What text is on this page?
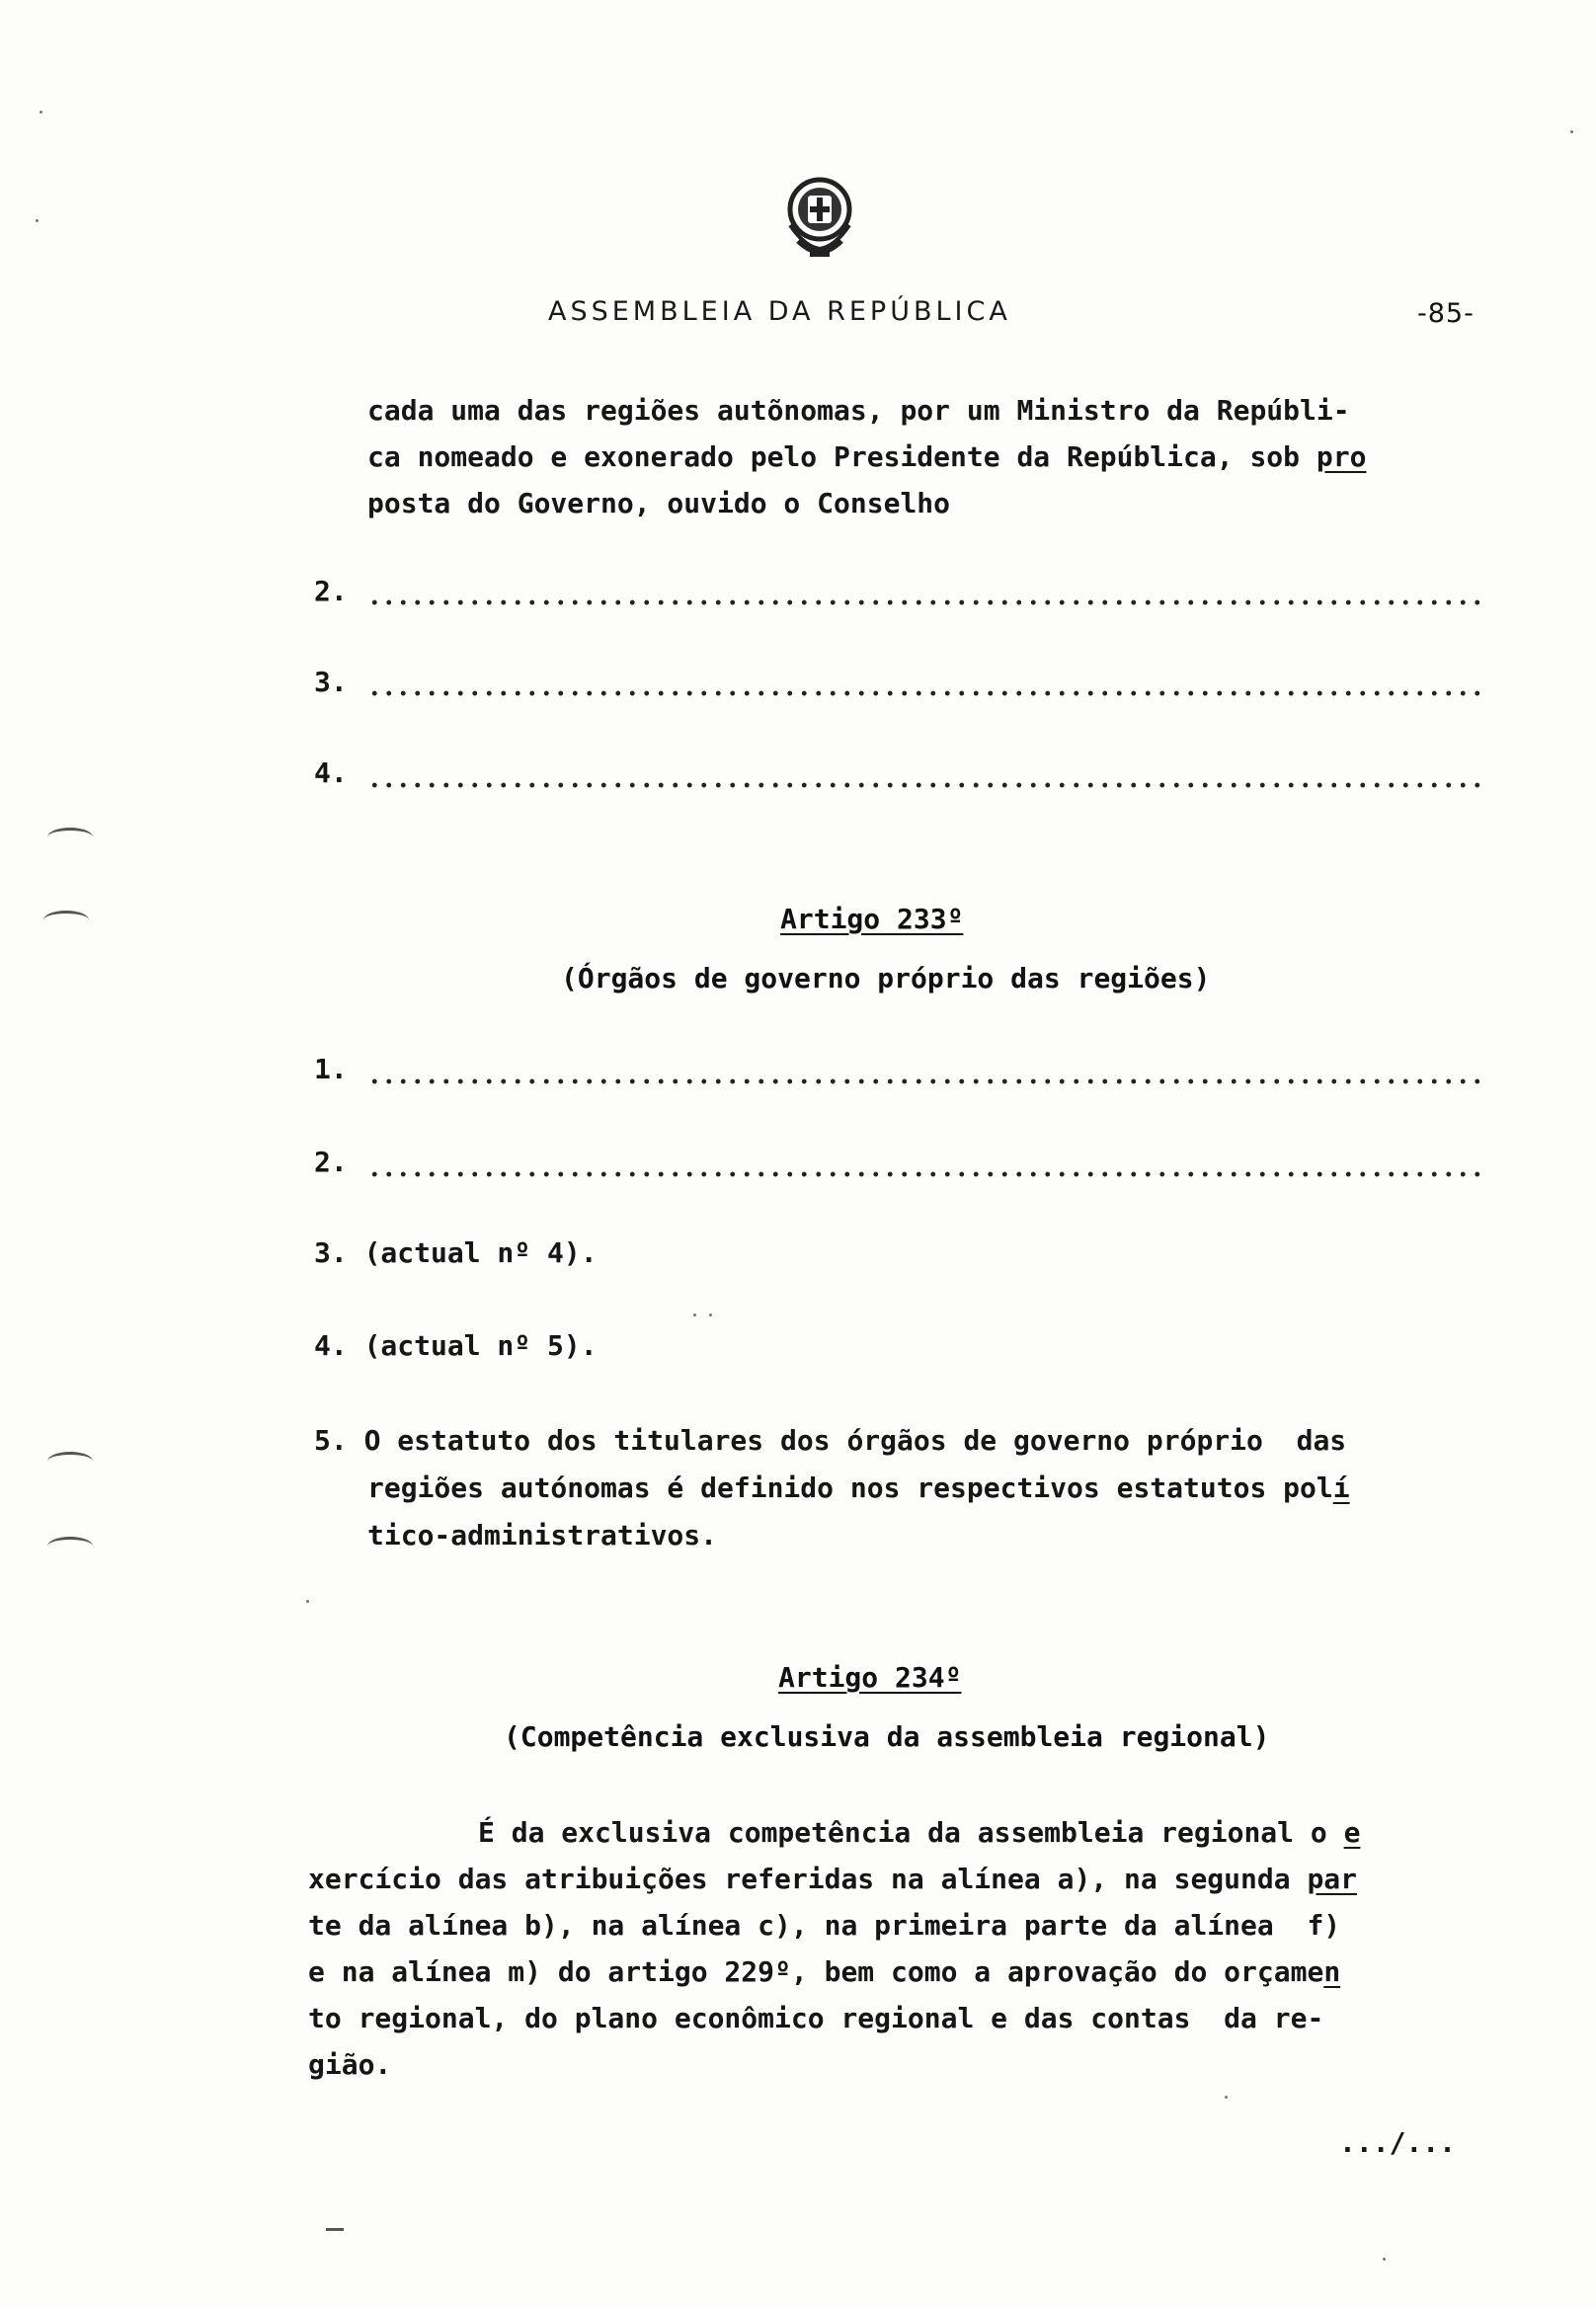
ASSEMBLEIA DA REPÚBLICA	-85-
cada uma das regiões autõnomas, por um Ministro da Repúbli-
ca nomeado e exonerado pelo Presidente da República, sob pro
posta do Governo, ouvido o Conselho
2.
3.
4.
Artigo 233º
(Órgãos de governo próprio das regiões)
1.
2.
3. (actual nº 4).
4. (actual nº 5).
5. O estatuto dos titulares dos órgãos de governo próprio  das
regiões autónomas é definido nos respectivos estatutos polí
tico-administrativos.
Artigo 234º
(Competência exclusiva da assembleia regional)
É da exclusiva competência da assembleia regional o e
xercício das atribuições referidas na alínea a), na segunda par
te da alínea b), na alínea c), na primeira parte da alínea  f)
e na alínea m) do artigo 229º, bem como a aprovação do orçamen
to regional, do plano econômico regional e das contas  da re-
gião.
.../...
